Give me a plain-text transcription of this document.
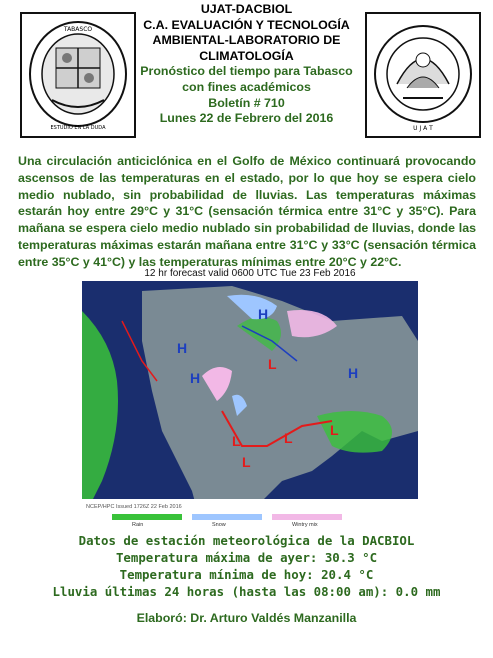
TABASCO
ESTUDIO EN LA DUDA
UJAT-DACBIOL
C.A. EVALUACIÓN Y TECNOLOGÍA
AMBIENTAL-LABORATORIO DE
CLIMATOLOGÍA
Pronóstico del tiempo para Tabasco
con fines académicos
Boletín # 710
Lunes 22 de Febrero del 2016
U J A T
Una circulación anticiclónica en el Golfo de México continuará provocando ascensos de las temperaturas en el estado, por lo que hoy se espera cielo medio nublado, sin probabilidad de lluvias. Las temperaturas máximas estarán hoy entre 29°C y 31°C (sensación térmica entre 31°C y 35°C). Para mañana se espera cielo medio nublado sin probabilidad de lluvias, donde las temperaturas máximas estarán mañana entre 31°C y 33°C (sensación térmica entre 35°C y 41°C) y las temperaturas mínimas entre 20°C y 22°C.
12 hr forecast valid 0600 UTC Tue 23 Feb 2016
H
H
H	H
L
L
L
L	L
NCEP/HPC Issued 1726Z 22 Feb 2016
Rain	Snow	Wintry mix
Datos de estación meteorológica de la DACBIOL
Temperatura máxima de ayer: 30.3 °C
Temperatura mínima de hoy: 20.4 °C
Lluvia últimas 24 horas (hasta las 08:00 am): 0.0 mm
Elaboró: Dr. Arturo Valdés Manzanilla
